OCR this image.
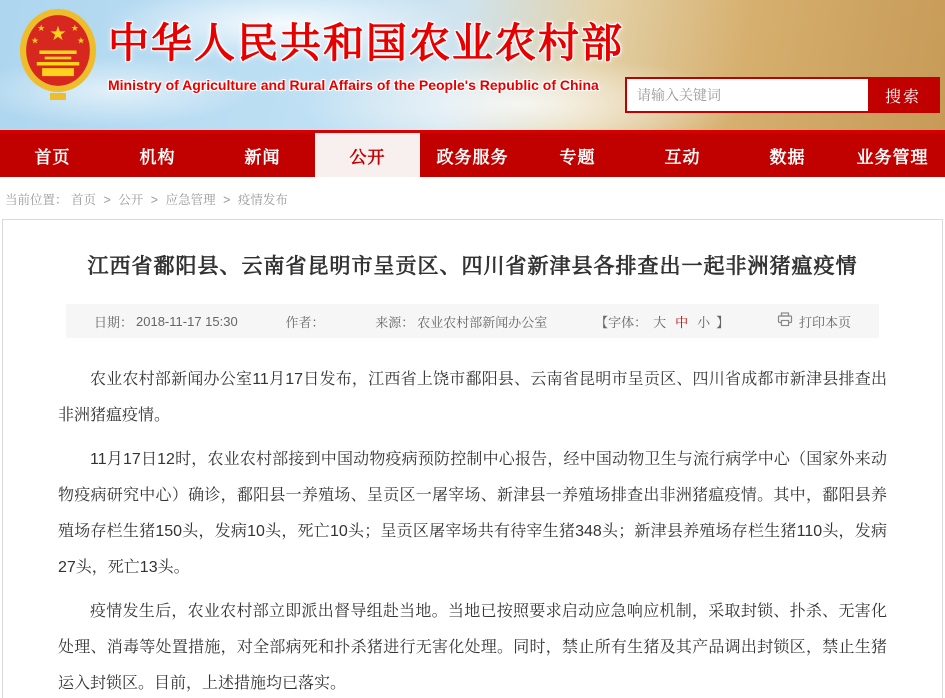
★
★	★
★	★ 中华人民共和国农业农村部
Ministry of Agriculture and Rural Affairs of the People's Republic of China
请输入关键词
搜索
首页	机构	新闻	公开	政务服务	专题	互动	数据	业务管理
当前位置： 首页 > 公开 > 应急管理 > 疫情发布
江西省鄱阳县、云南省昆明市呈贡区、四川省新津县各排查出一起非洲猪瘟疫情
日期： 2018-11-17 15:30	作者：	来源： 农业农村部新闻办公室	【字体： 大 中 小 】	打印本页

农业农村部新闻办公室11月17日发布，江西省上饶市鄱阳县、云南省昆明市呈贡区、四川省成都市新津县排查出非洲猪瘟疫情。

11月17日12时，农业农村部接到中国动物疫病预防控制中心报告，经中国动物卫生与流行病学中心（国家外来动物疫病研究中心）确诊，鄱阳县一养殖场、呈贡区一屠宰场、新津县一养殖场排查出非洲猪瘟疫情。其中，鄱阳县养殖场存栏生猪150头，发病10头，死亡10头；呈贡区屠宰场共有待宰生猪348头；新津县养殖场存栏生猪110头，发病27头，死亡13头。

疫情发生后，农业农村部立即派出督导组赴当地。当地已按照要求启动应急响应机制，采取封锁、扑杀、无害化处理、消毒等处置措施，对全部病死和扑杀猪进行无害化处理。同时，禁止所有生猪及其产品调出封锁区，禁止生猪运入封锁区。目前，上述措施均已落实。
